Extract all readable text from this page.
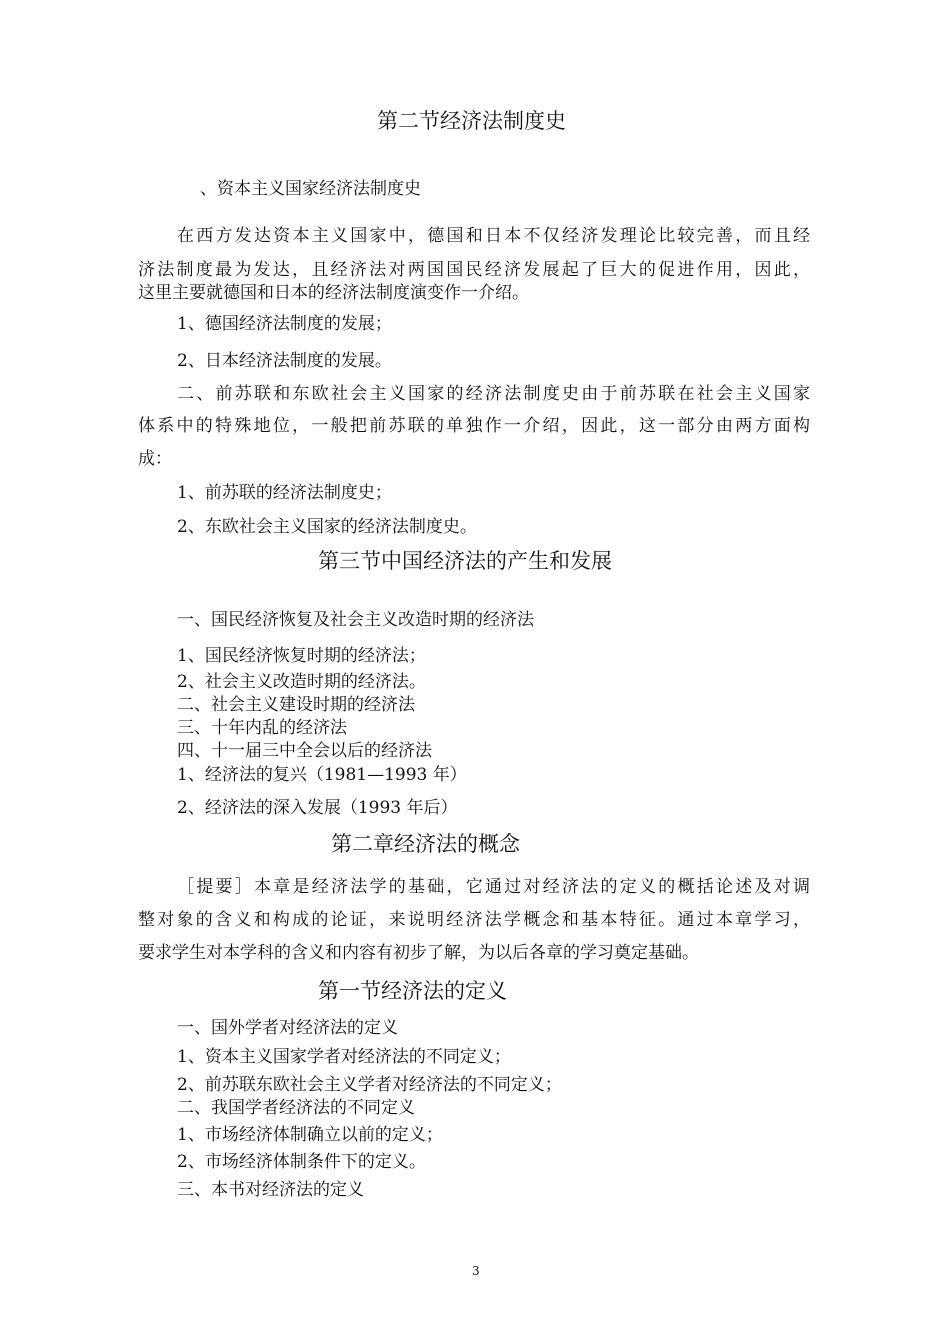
第二节经济法制度史
、资本主义国家经济法制度史
在西方发达资本主义国家中，德国和日本不仅经济发理论比较完善，而且经
济法制度最为发达，且经济法对两国国民经济发展起了巨大的促进作用，因此，
这里主要就德国和日本的经济法制度演变作一介绍。
1、德国经济法制度的发展；
2、日本经济法制度的发展。
二、前苏联和东欧社会主义国家的经济法制度史由于前苏联在社会主义国家
体系中的特殊地位，一般把前苏联的单独作一介绍，因此，这一部分由两方面构
成：
1、前苏联的经济法制度史；
2、东欧社会主义国家的经济法制度史。
第三节中国经济法的产生和发展
一、国民经济恢复及社会主义改造时期的经济法
1、国民经济恢复时期的经济法；
2、社会主义改造时期的经济法。
二、社会主义建设时期的经济法
三、十年内乱的经济法
四、十一届三中全会以后的经济法
1、经济法的复兴（1981—1993 年）
2、经济法的深入发展（1993 年后）
第二章经济法的概念
［提要］本章是经济法学的基础，它通过对经济法的定义的概括论述及对调
整对象的含义和构成的论证，来说明经济法学概念和基本特征。通过本章学习，
要求学生对本学科的含义和内容有初步了解，为以后各章的学习奠定基础。
第一节经济法的定义
一、国外学者对经济法的定义
1、资本主义国家学者对经济法的不同定义；
2、前苏联东欧社会主义学者对经济法的不同定义；
二、我国学者经济法的不同定义
1、市场经济体制确立以前的定义；
2、市场经济体制条件下的定义。
三、本书对经济法的定义
3
